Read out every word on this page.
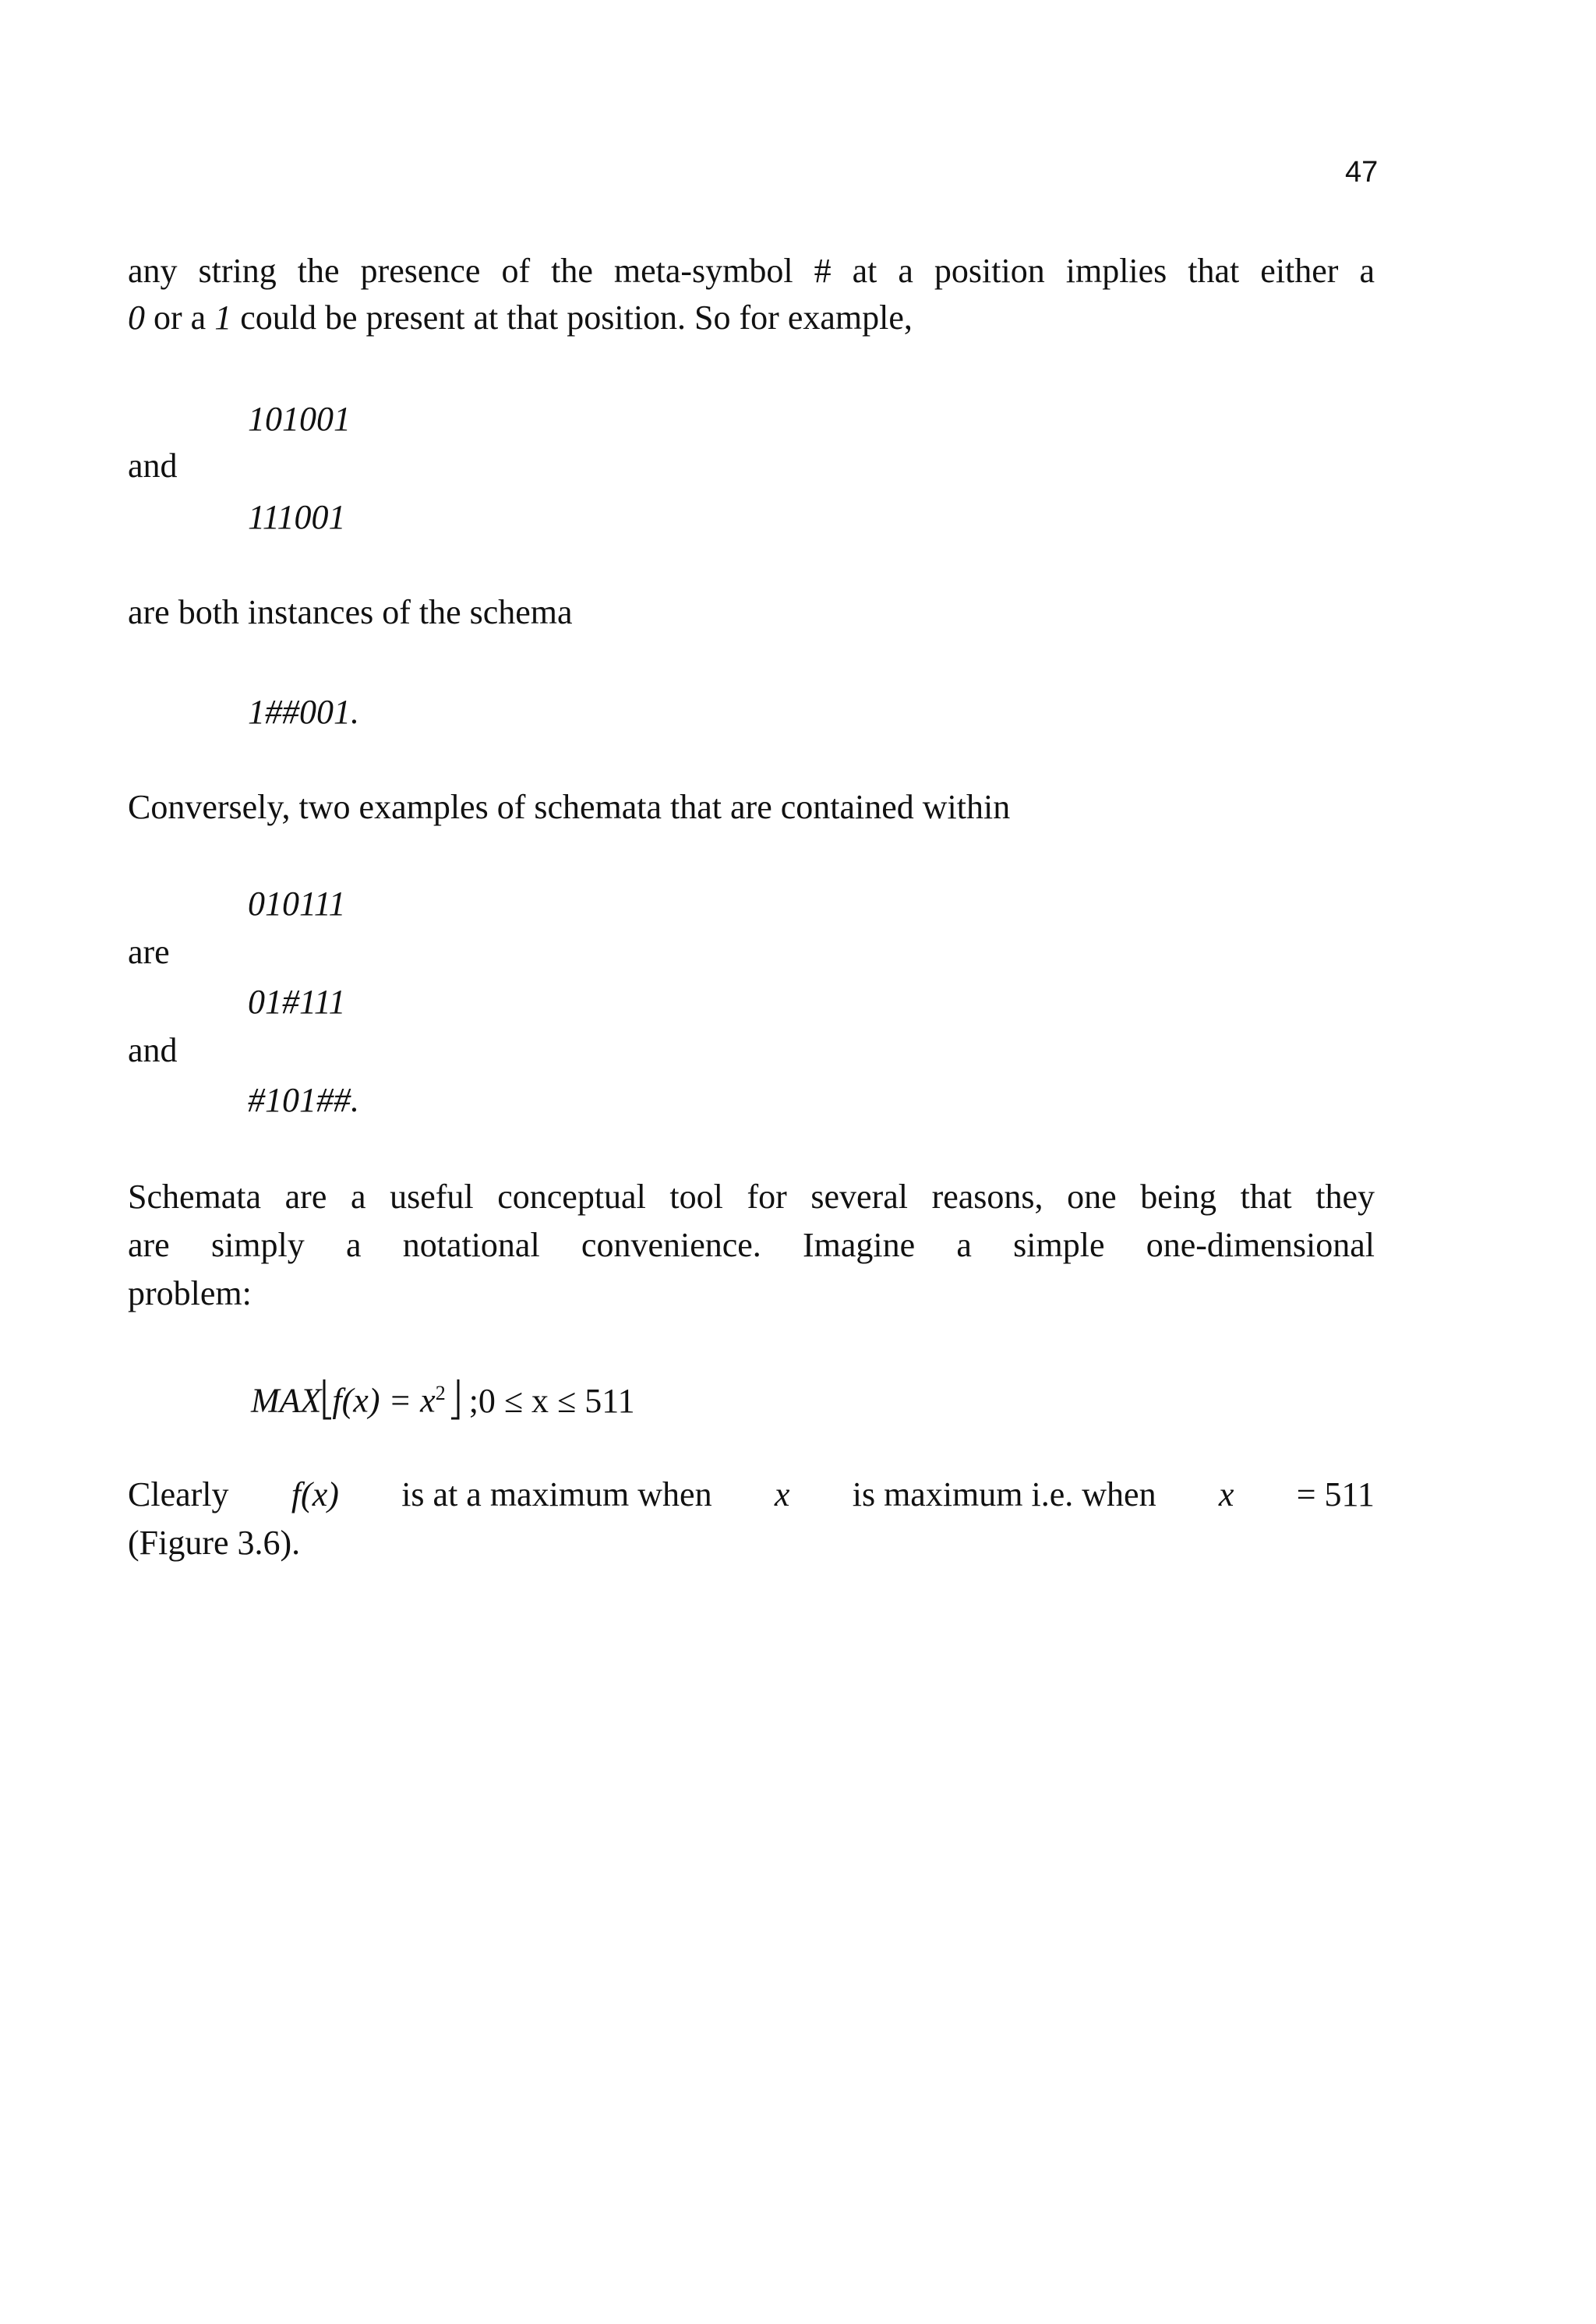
47
any string the presence of the meta-symbol # at a position implies that either a
0 or a 1 could be present at that position. So for example,
101001
and
111001
are both instances of the schema
1##001.
Conversely, two examples of schemata that are contained within
010111
are
01#111
and
#101##.
Schemata are a useful conceptual tool for several reasons, one being that they
are simply a notational convenience. Imagine a simple one-dimensional
problem:
MAX $f(x) = x^2$ ;0 ≤ x ≤ 511
Clearly f(x) is at a maximum when x is maximum i.e. when x = 511
(Figure 3.6).
